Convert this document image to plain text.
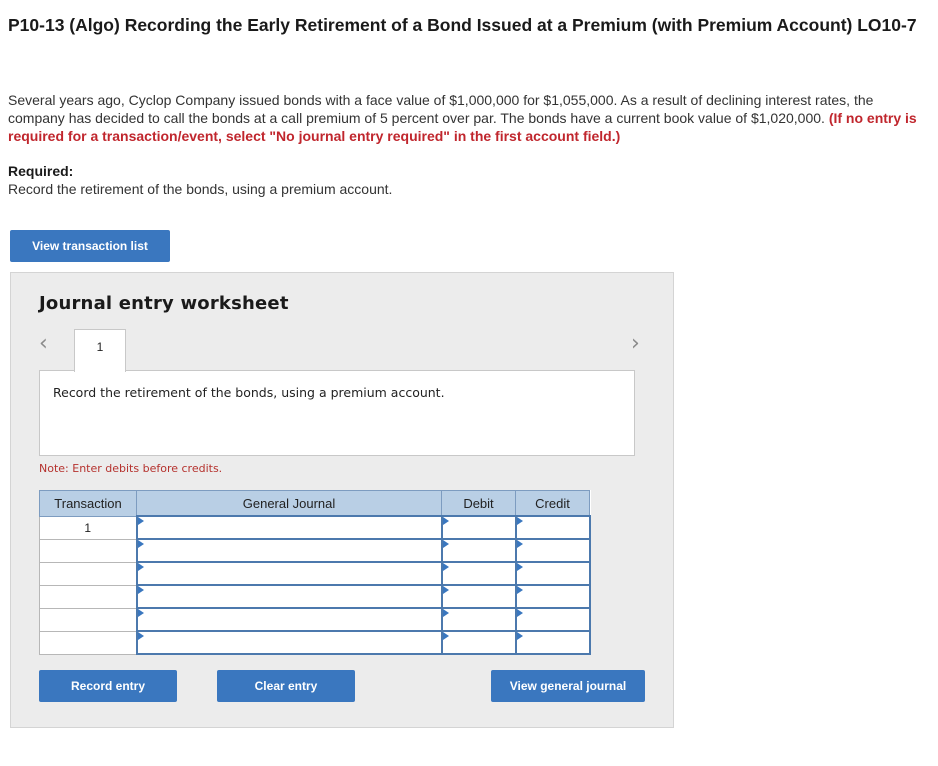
P10-13 (Algo) Recording the Early Retirement of a Bond Issued at a Premium (with Premium Account) LO10-7
Several years ago, Cyclop Company issued bonds with a face value of $1,000,000 for $1,055,000. As a result of declining interest rates, the company has decided to call the bonds at a call premium of 5 percent over par. The bonds have a current book value of $1,020,000. (If no entry is required for a transaction/event, select "No journal entry required" in the first account field.)
Required:
Record the retirement of the bonds, using a premium account.
View transaction list
Journal entry worksheet
‹	›
1
Record the retirement of the bonds, using a premium account.
Note: Enter debits before credits.
Transaction	General Journal	Debit	Credit
1	

Record entry	Clear entry	View general journal
